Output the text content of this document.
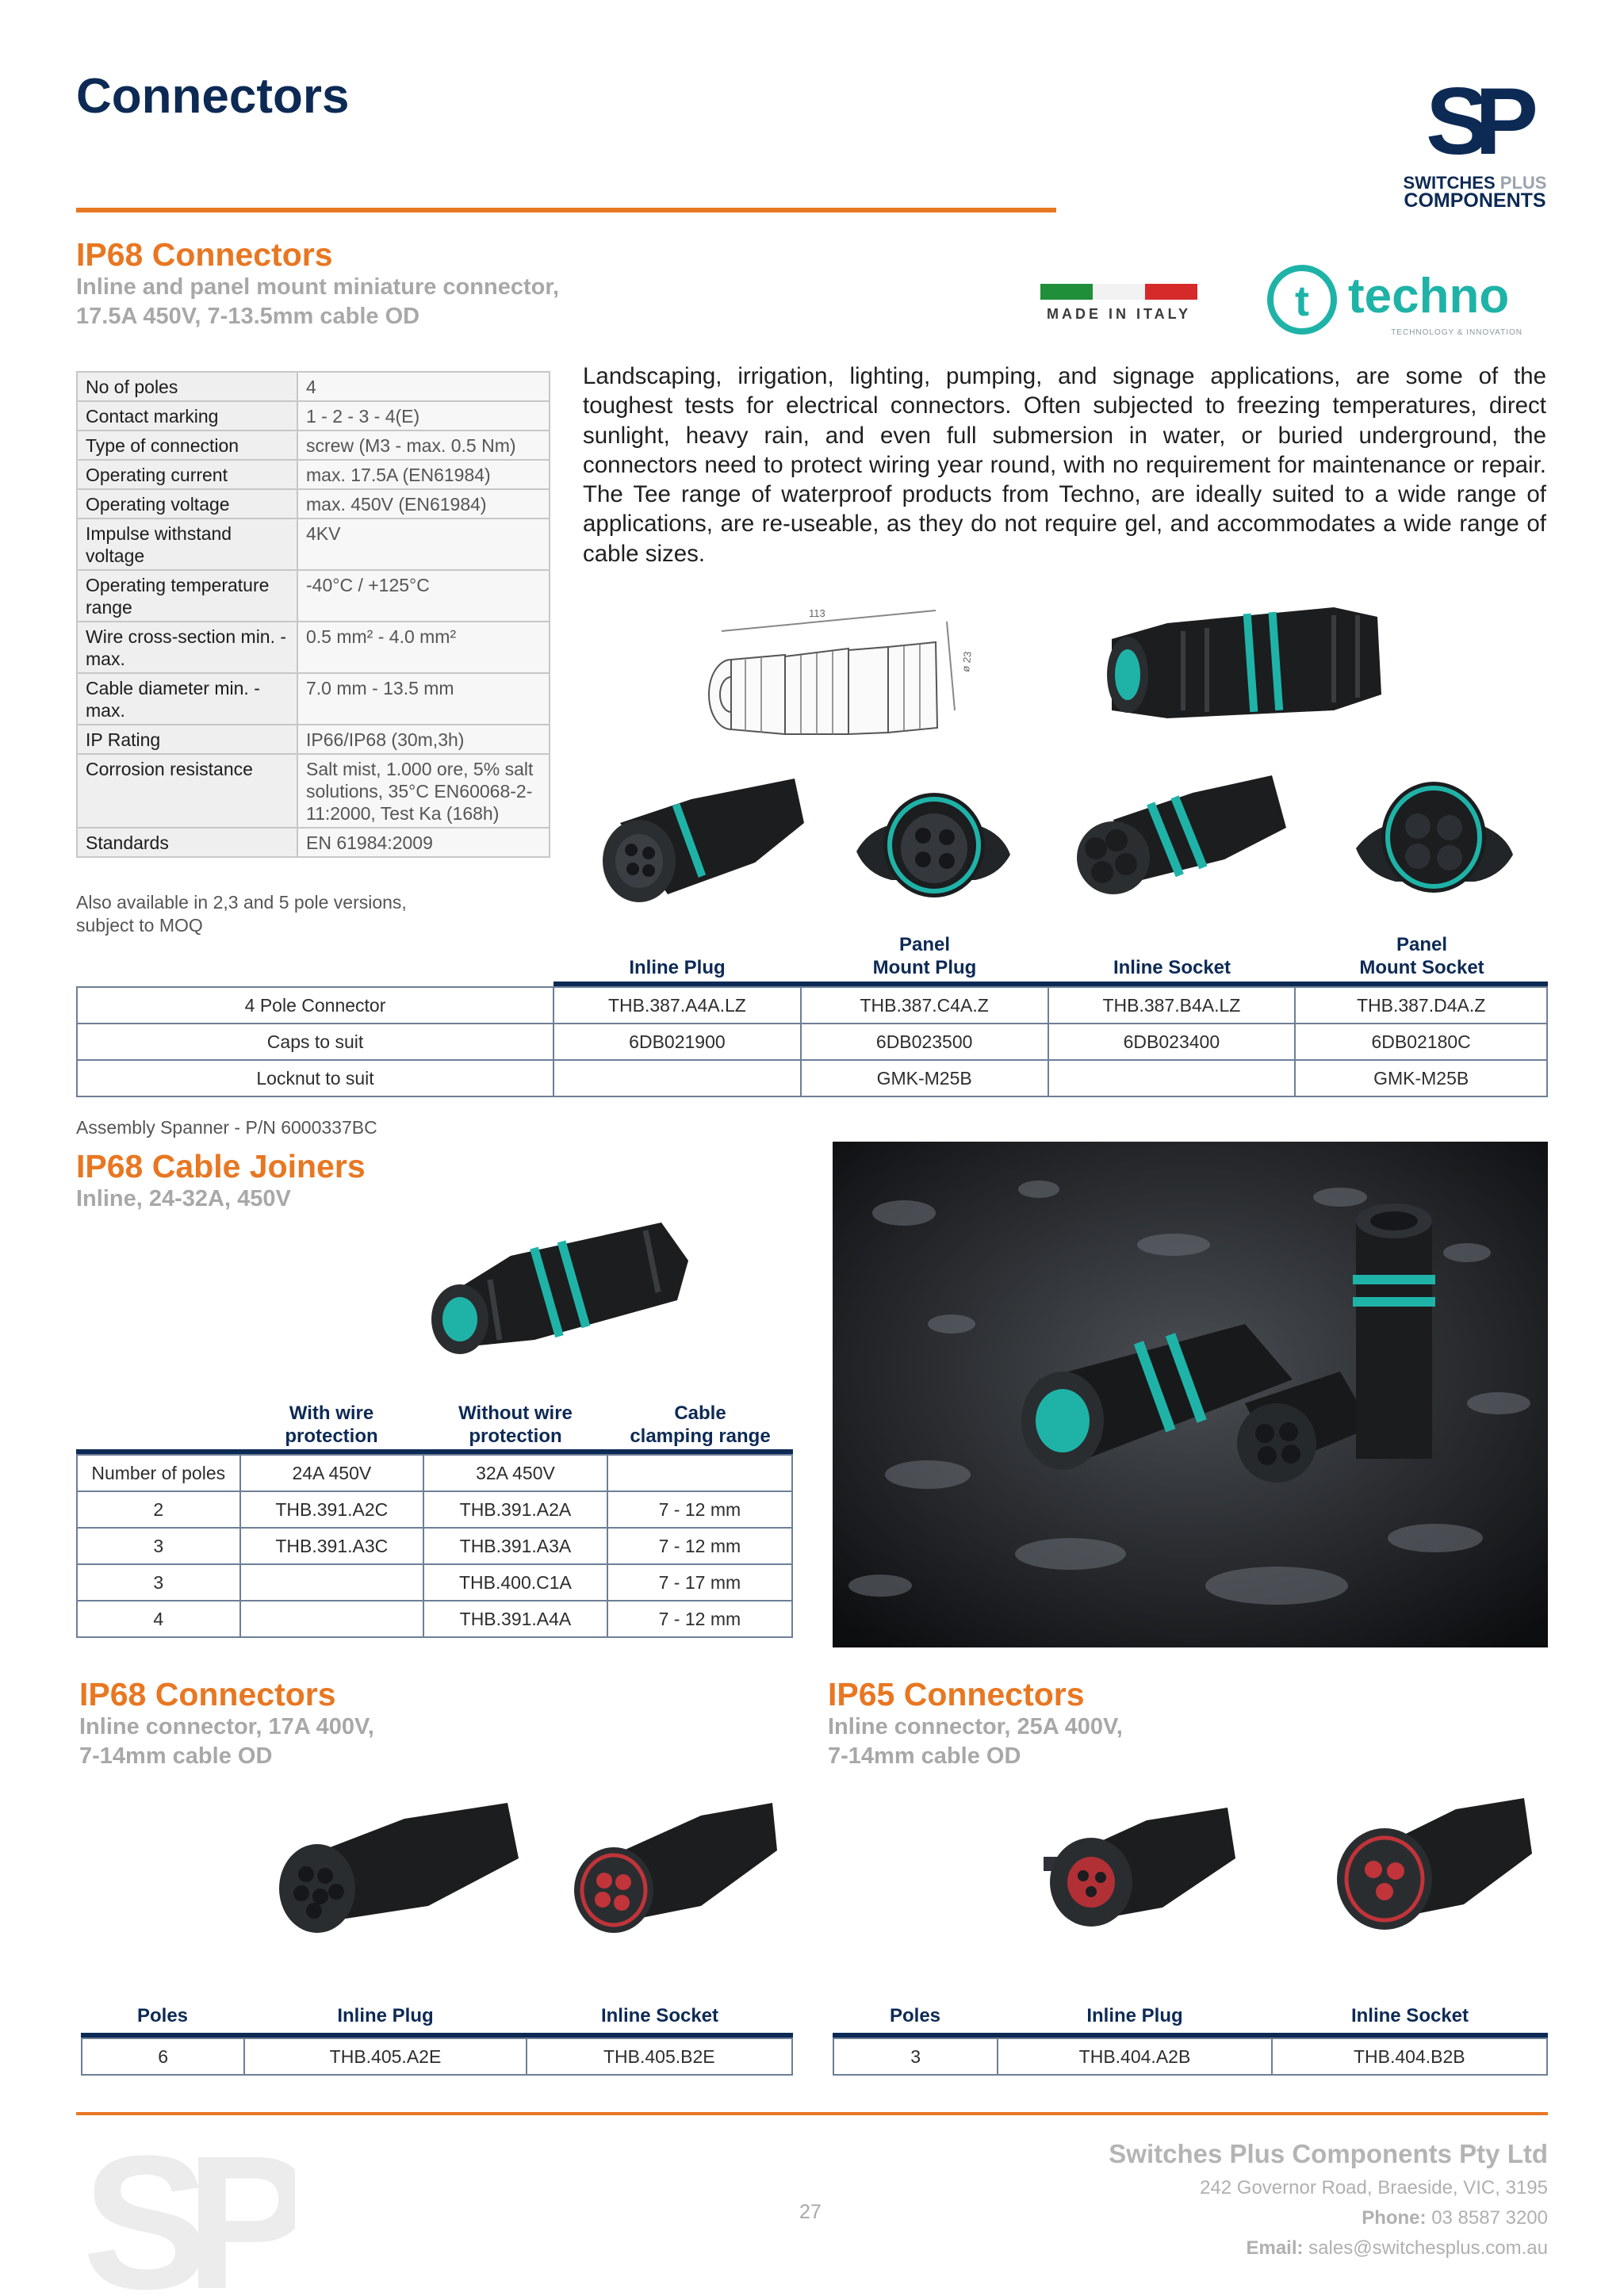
Connectors	SP
SWITCHES PLUS
COMPONENTS
MADE IN ITALY t techno
TECHNOLOGY & INNOVATION
IP68 Connectors
Inline and panel mount miniature connector,
17.5A 450V, 7-13.5mm cable OD
No of poles	4
Contact marking	1 - 2 - 3 - 4(E)
Type of connection	screw (M3 - max. 0.5 Nm)
Operating current	max. 17.5A (EN61984)
Operating voltage	max. 450V (EN61984)
Impulse withstand voltage	4KV
Operating temperature range	-40°C / +125°C
Wire cross-section min. - max.	0.5 mm² - 4.0 mm²
Cable diameter min. - max.	7.0 mm - 13.5 mm
IP Rating	IP66/IP68 (30m,3h)
Corrosion resistance	Salt mist, 1.000 ore, 5% salt solutions, 35°C EN60068-2-11:2000, Test Ka (168h)
Standards	EN 61984:2009
Also available in 2,3 and 5 pole versions,
subject to MOQ
Landscaping, irrigation, lighting, pumping, and signage applications, are some of the toughest tests for electrical connectors. Often subjected to freezing temperatures, direct sunlight, heavy rain, and even full submersion in water, or buried underground, the connectors need to protect wiring year round, with no requirement for maintenance or repair. The Tee range of waterproof products from Techno, are ideally suited to a wide range of applications, are re-useable, as they do not require gel, and accommodates a wide range of cable sizes.
113
ø 23

Inline Plug
Panel
Mount Plug
	Inline Socket
Panel
Mount Socket
4 Pole Connector	THB.387.A4A.LZ	THB.387.C4A.Z	THB.387.B4A.LZ	THB.387.D4A.Z
Caps to suit	6DB021900	6DB023500	6DB023400	6DB02180C
Locknut to suit		GMK-M25B		GMK-M25B
Assembly Spanner - P/N 6000337BC
IP68 Cable Joiners
Inline, 24-32A, 450V
With wire
protection
Without wire
protection
Cable
clamping range
Number of poles	24A 450V	32A 450V	
2	THB.391.A2C	THB.391.A2A	7 - 12 mm
3	THB.391.A3C	THB.391.A3A	7 - 12 mm
3		THB.400.C1A	7 - 17 mm
4		THB.391.A4A	7 - 12 mm
IP68 Connectors
Inline connector, 17A 400V,
7-14mm cable OD
Poles	Inline Plug	Inline Socket
6	THB.405.A2E	THB.405.B2E
IP65 Connectors
Inline connector, 25A 400V,
7-14mm cable OD
Poles	Inline Plug	Inline Socket
3	THB.404.A2B	THB.404.B2B
SP	Switches Plus Components Pty Ltd
242 Governor Road, Braeside, VIC, 3195
Phone: 03 8587 3200
Email: sales@switchesplus.com.au
27
